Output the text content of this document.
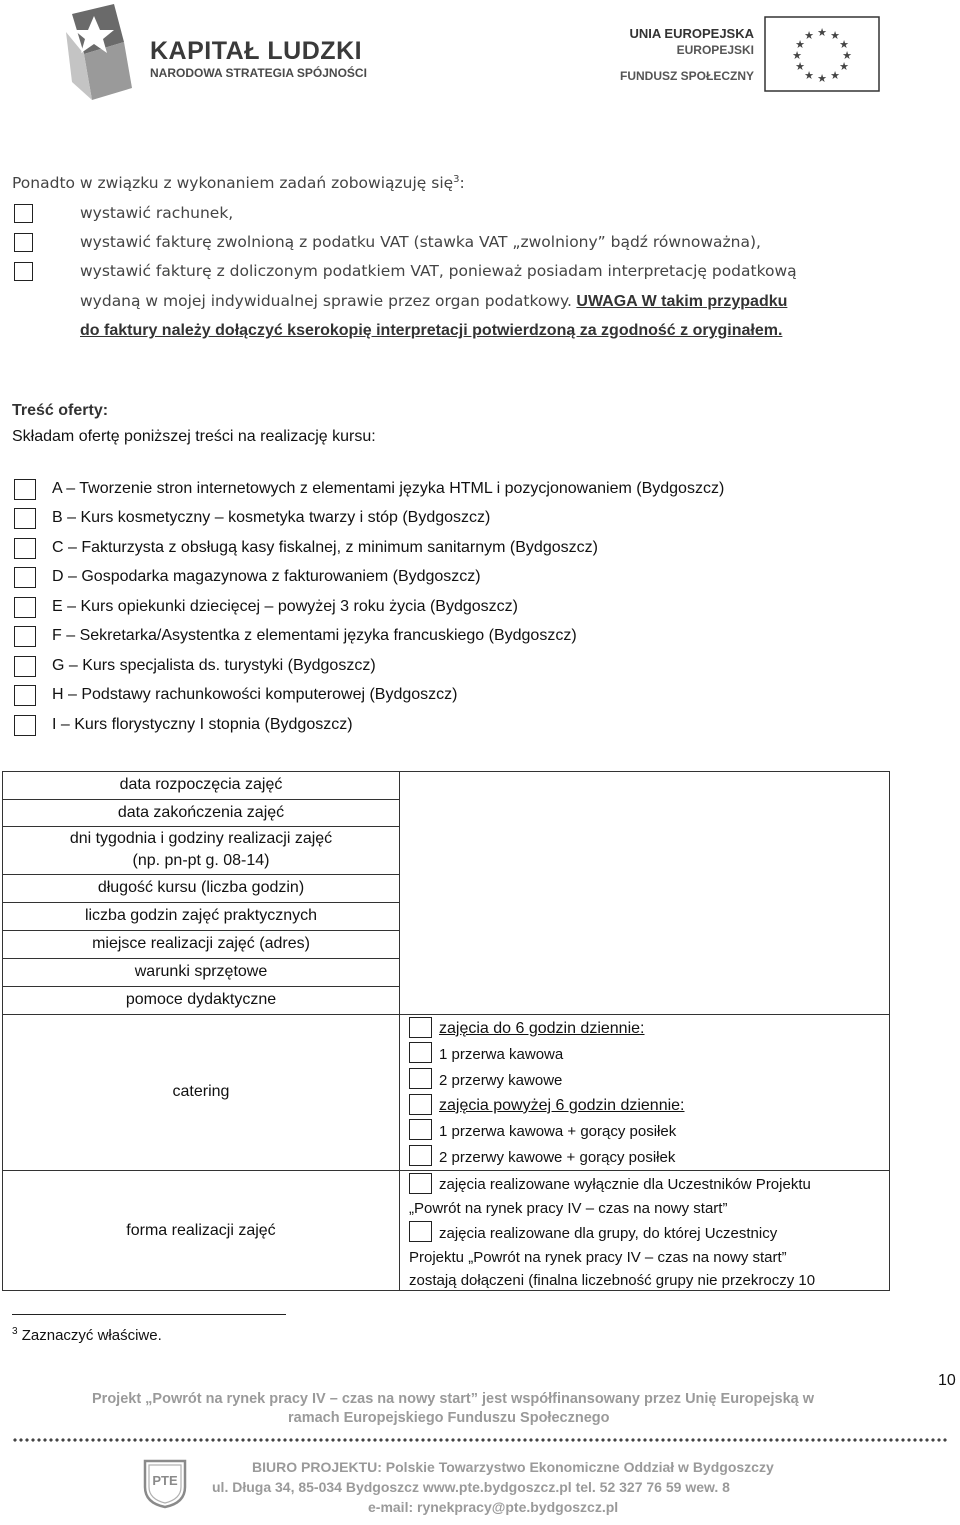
KAPITAŁ LUDZKI
NARODOWA STRATEGIA SPÓJNOŚCI
UNIA EUROPEJSKA
EUROPEJSKI
FUNDUSZ SPOŁECZNY
★ ★
★
★
★
★
★
★
★
★
★
★
Ponadto w związku z wykonaniem zadań zobowiązuję się$^3$:
wystawić rachunek,
wystawić fakturę zwolnioną z podatku VAT (stawka VAT „zwolniony” bądź równoważna),
wystawić fakturę z doliczonym podatkiem VAT, ponieważ posiadam interpretację podatkową
wydaną w mojej indywidualnej sprawie przez organ podatkowy. UWAGA W takim przypadku
do faktury należy dołączyć kserokopię interpretacji potwierdzoną za zgodność z oryginałem.
Treść oferty:
Składam ofertę poniższej treści na realizację kursu:
A – Tworzenie stron internetowych z elementami języka HTML i pozycjonowaniem (Bydgoszcz)
B – Kurs kosmetyczny – kosmetyka twarzy i stóp (Bydgoszcz)
C – Fakturzysta z obsługą kasy fiskalnej, z minimum sanitarnym (Bydgoszcz)
D – Gospodarka magazynowa z fakturowaniem (Bydgoszcz)
E – Kurs opiekunki dziecięcej – powyżej 3 roku życia (Bydgoszcz)
F – Sekretarka/Asystentka z elementami języka francuskiego (Bydgoszcz)
G – Kurs specjalista ds. turystyki (Bydgoszcz)
H – Podstawy rachunkowości komputerowej (Bydgoszcz)
I – Kurs florystyczny I stopnia (Bydgoszcz)
data rozpoczęcia zajęć
data zakończenia zajęć
dni tygodnia i godziny realizacji zajęć
(np. pn-pt g. 08-14)
długość kursu (liczba godzin)
liczba godzin zajęć praktycznych
miejsce realizacji zajęć (adres)
warunki sprzętowe
pomoce dydaktyczne
catering
forma realizacji zajęć
zajęcia do 6 godzin dziennie:
1 przerwa kawowa
2 przerwy kawowe
zajęcia powyżej 6 godzin dziennie:
1 przerwa kawowa + gorący posiłek
2 przerwy kawowe + gorący posiłek
zajęcia realizowane wyłącznie dla Uczestników Projektu
„Powrót na rynek pracy IV – czas na nowy start”
zajęcia realizowane dla grupy, do której Uczestnicy
Projektu „Powrót na rynek pracy IV – czas na nowy start”
zostają dołączeni (finalna liczebność grupy nie przekroczy 10
$^3$ Zaznaczyć właściwe.
10
Projekt „Powrót na rynek pracy IV – czas na nowy start” jest współfinansowany przez Unię Europejską w
ramach Europejskiego Funduszu Społecznego
PTE
BIURO PROJEKTU: Polskie Towarzystwo Ekonomiczne Oddział w Bydgoszczy
ul. Długa 34, 85-034 Bydgoszcz www.pte.bydgoszcz.pl tel. 52 327 76 59 wew. 8
e-mail: rynekpracy@pte.bydgoszcz.pl
